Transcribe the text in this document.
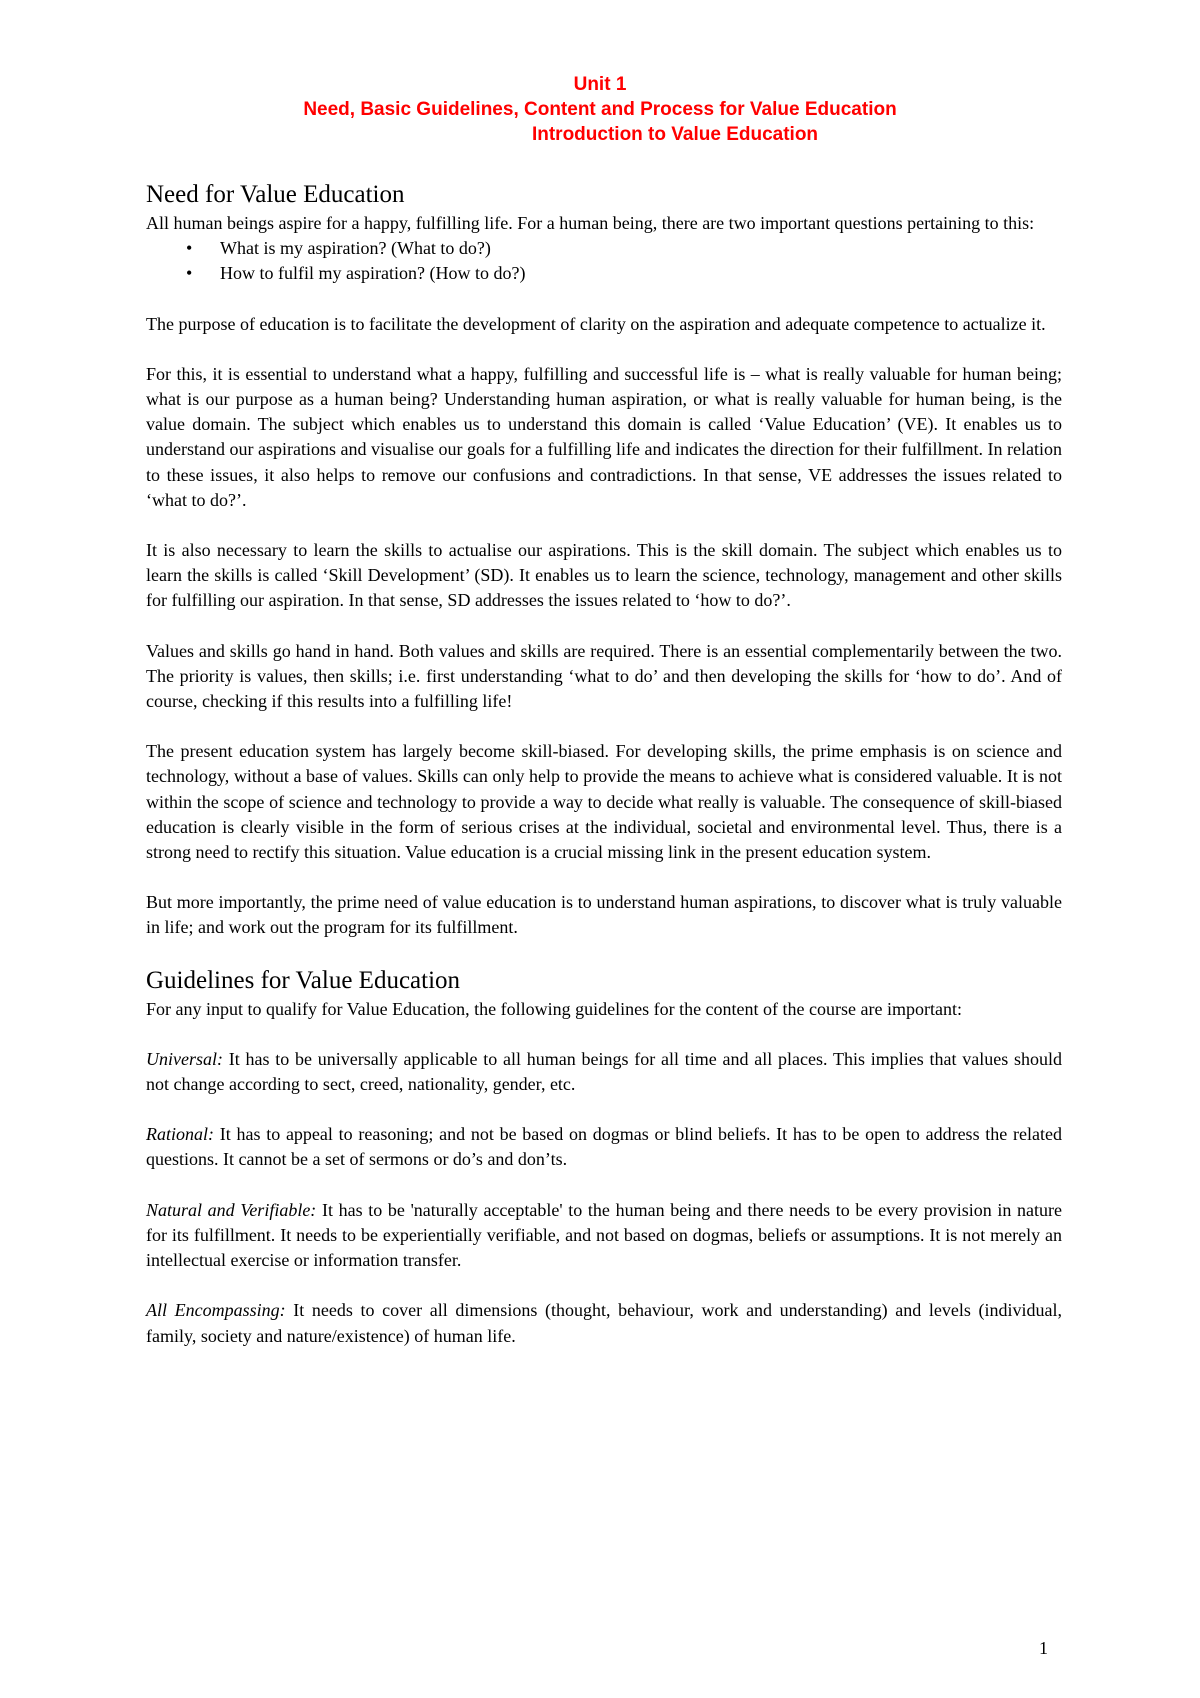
Unit 1
Need, Basic Guidelines, Content and Process for Value Education
Introduction to Value Education
Need for Value Education

All human beings aspire for a happy, fulfilling life. For a human being, there are two important questions pertaining to this:

• What is my aspiration? (What to do?)
• How to fulfil my aspiration? (How to do?)

The purpose of education is to facilitate the development of clarity on the aspiration and adequate competence to actualize it.

For this, it is essential to understand what a happy, fulfilling and successful life is – what is really valuable for human being; what is our purpose as a human being? Understanding human aspiration, or what is really valuable for human being, is the value domain. The subject which enables us to understand this domain is called ‘Value Education’ (VE). It enables us to understand our aspirations and visualise our goals for a fulfilling life and indicates the direction for their fulfillment. In relation to these issues, it also helps to remove our confusions and contradictions. In that sense, VE addresses the issues related to ‘what to do?’.

It is also necessary to learn the skills to actualise our aspirations. This is the skill domain. The subject which enables us to learn the skills is called ‘Skill Development’ (SD). It enables us to learn the science, technology, management and other skills for fulfilling our aspiration. In that sense, SD addresses the issues related to ‘how to do?’.

Values and skills go hand in hand. Both values and skills are required. There is an essential complementarily between the two. The priority is values, then skills; i.e. first understanding ‘what to do’ and then developing the skills for ‘how to do’. And of course, checking if this results into a fulfilling life!

The present education system has largely become skill-biased. For developing skills, the prime emphasis is on science and technology, without a base of values. Skills can only help to provide the means to achieve what is considered valuable. It is not within the scope of science and technology to provide a way to decide what really is valuable. The consequence of skill-biased education is clearly visible in the form of serious crises at the individual, societal and environmental level. Thus, there is a strong need to rectify this situation. Value education is a crucial missing link in the present education system.

But more importantly, the prime need of value education is to understand human aspirations, to discover what is truly valuable in life; and work out the program for its fulfillment.

Guidelines for Value Education

For any input to qualify for Value Education, the following guidelines for the content of the course are important:

Universal: It has to be universally applicable to all human beings for all time and all places. This implies that values should not change according to sect, creed, nationality, gender, etc.

Rational: It has to appeal to reasoning; and not be based on dogmas or blind beliefs. It has to be open to address the related questions. It cannot be a set of sermons or do’s and don’ts.

Natural and Verifiable: It has to be 'naturally acceptable' to the human being and there needs to be every provision in nature for its fulfillment. It needs to be experientially verifiable, and not based on dogmas, beliefs or assumptions. It is not merely an intellectual exercise or information transfer.

All Encompassing: It needs to cover all dimensions (thought, behaviour, work and understanding) and levels (individual, family, society and nature/existence) of human life.

1
